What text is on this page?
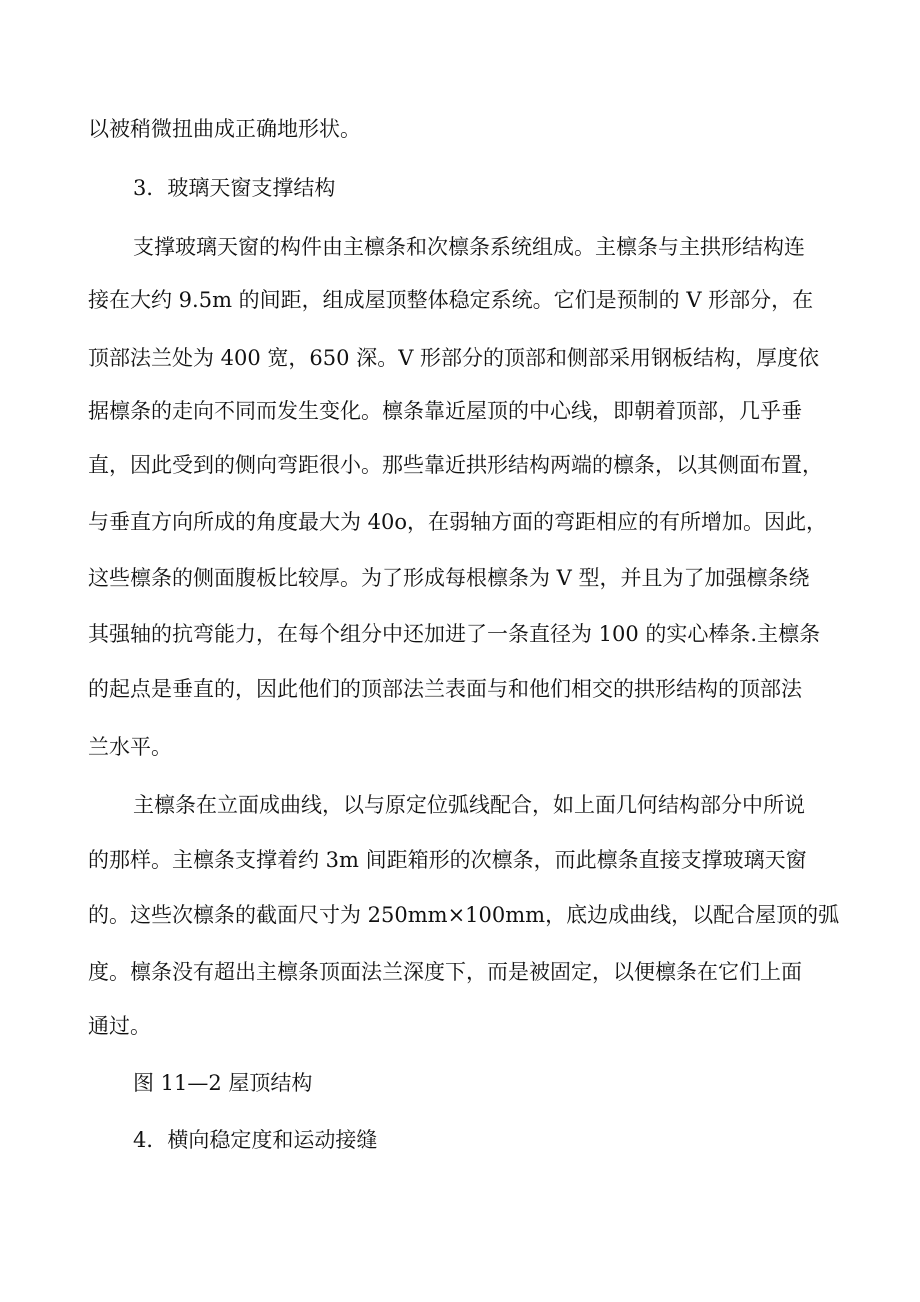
以被稍微扭曲成正确地形状。
3．玻璃天窗支撑结构
支撑玻璃天窗的构件由主檩条和次檩条系统组成。主檩条与主拱形结构连
接在大约 9.5m 的间距，组成屋顶整体稳定系统。它们是预制的 V 形部分，在
顶部法兰处为 400 宽，650 深。V 形部分的顶部和侧部采用钢板结构，厚度依
据檩条的走向不同而发生变化。檩条靠近屋顶的中心线，即朝着顶部，几乎垂
直，因此受到的侧向弯距很小。那些靠近拱形结构两端的檩条，以其侧面布置，
与垂直方向所成的角度最大为 40o，在弱轴方面的弯距相应的有所增加。因此，
这些檩条的侧面腹板比较厚。为了形成每根檩条为 V 型，并且为了加强檩条绕
其强轴的抗弯能力，在每个组分中还加进了一条直径为 100 的实心棒条.主檩条
的起点是垂直的，因此他们的顶部法兰表面与和他们相交的拱形结构的顶部法
兰水平。
主檩条在立面成曲线，以与原定位弧线配合，如上面几何结构部分中所说
的那样。主檩条支撑着约 3m 间距箱形的次檩条，而此檩条直接支撑玻璃天窗
的。这些次檩条的截面尺寸为 250mm×100mm，底边成曲线，以配合屋顶的弧
度。檩条没有超出主檩条顶面法兰深度下，而是被固定，以便檩条在它们上面
通过。
图 11—2 屋顶结构
4．横向稳定度和运动接缝
